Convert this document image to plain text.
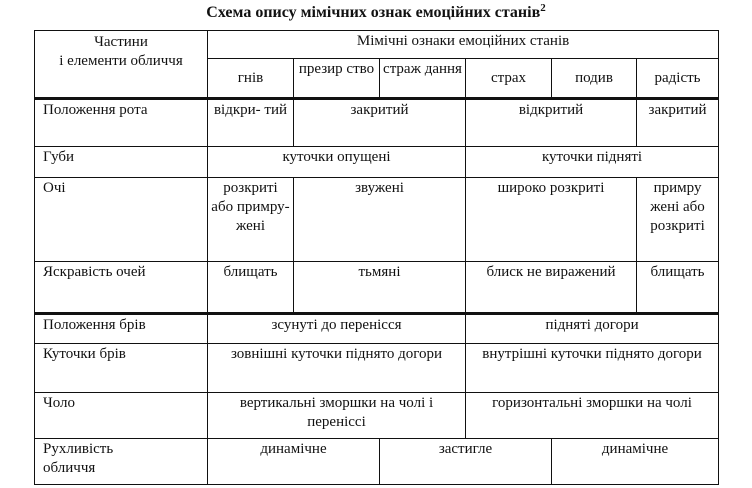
Схема опису мімічних ознак емоційних станів$^2$
Частини
і елементи обличчя	Мімічні ознаки емоційних станів					
	гнів	презир ство	страж дання	страх	подив	радість
Положення рота	відкри- тий	закритий		відкритий		закритий
Губи	куточки опущені			куточки підняті		
Очі	розкриті або примру- жені	звужені		широко розкриті		примру жені або розкриті
Яскравість очей	блищать	тьмяні		блиск не виражений		блищать
Положення брів	зсунуті до перенісся			підняті догори		
Куточки брів	зовнішні куточки піднято догори			внутрішні куточки піднято догори		
Чоло	вертикальні зморшки на чолі і переніссі			горизонтальні зморшки на чолі		

Рухливість
обличчя	динамічне		застигле		динамічне	
